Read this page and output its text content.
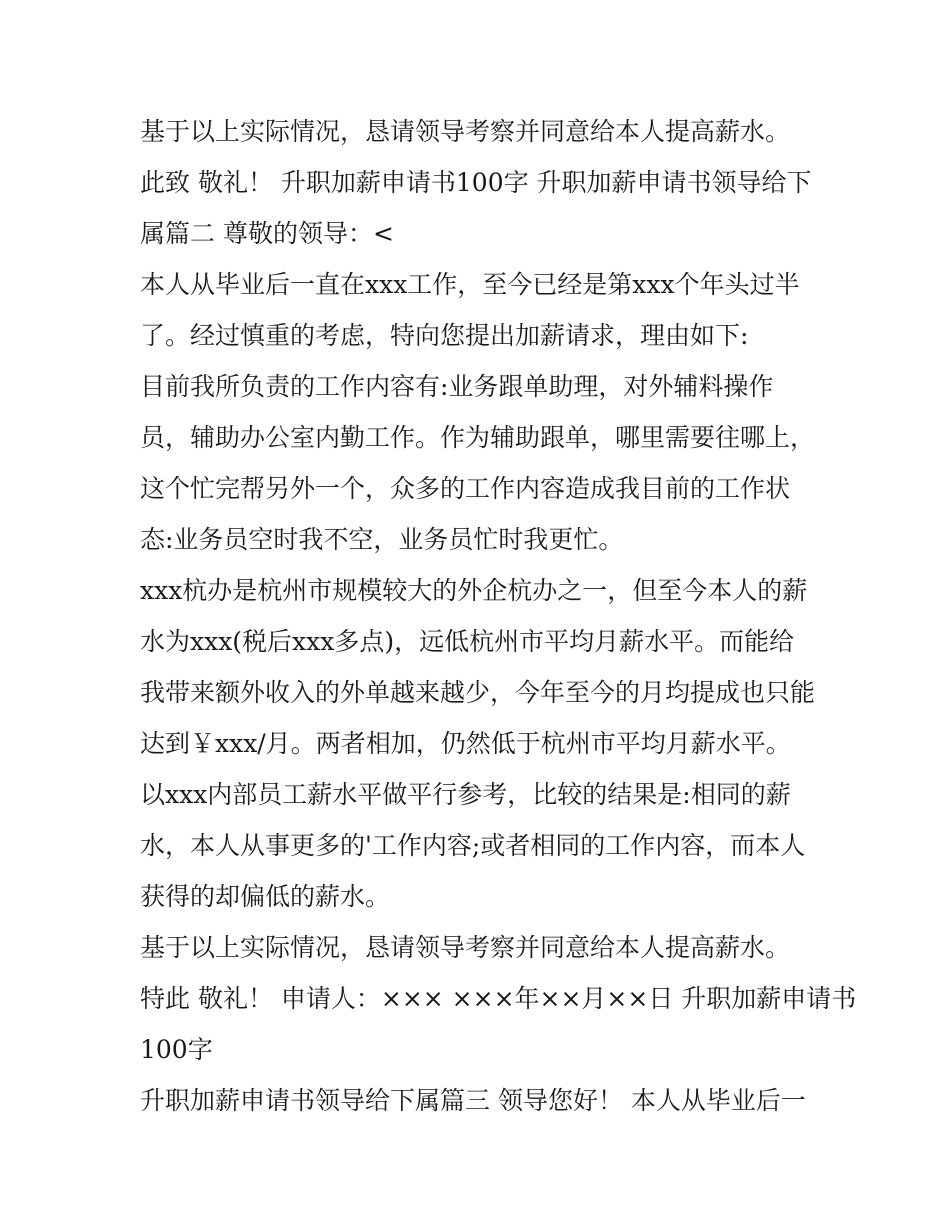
基于以上实际情况，恳请领导考察并同意给本人提高薪水。
此致 敬礼！ 升职加薪申请书100字 升职加薪申请书领导给下
属篇二 尊敬的领导：<
本人从毕业后一直在xxx工作，至今已经是第xxx个年头过半
了。经过慎重的考虑，特向您提出加薪请求，理由如下:
目前我所负责的工作内容有:业务跟单助理，对外辅料操作
员，辅助办公室内勤工作。作为辅助跟单，哪里需要往哪上，
这个忙完帮另外一个，众多的工作内容造成我目前的工作状
态:业务员空时我不空，业务员忙时我更忙。
xxx杭办是杭州市规模较大的外企杭办之一，但至今本人的薪
水为xxx(税后xxx多点)，远低杭州市平均月薪水平。而能给
我带来额外收入的外单越来越少，今年至今的月均提成也只能
达到￥xxx/月。两者相加，仍然低于杭州市平均月薪水平。
以xxx内部员工薪水平做平行参考，比较的结果是:相同的薪
水，本人从事更多的'工作内容;或者相同的工作内容，而本人
获得的却偏低的薪水。
基于以上实际情况，恳请领导考察并同意给本人提高薪水。
特此 敬礼！ 申请人：××× ×××年××月××日 升职加薪申请书
100字
升职加薪申请书领导给下属篇三 领导您好！ 本人从毕业后一
